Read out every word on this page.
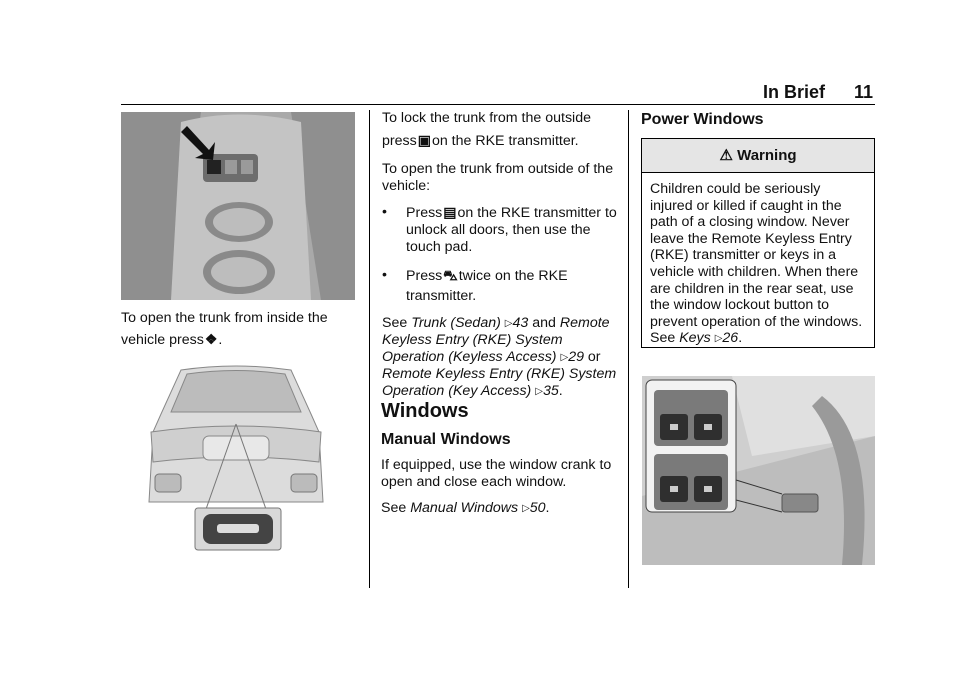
In Brief 11

To open the trunk from inside the

vehicle press❖.

To lock the trunk from the outside

press▣on the RKE transmitter.

To open the trunk from outside of the vehicle:

• Press▤on the RKE transmitter to unlock all doors, then use the touch pad.
• Press⛍twice on the RKE transmitter.

See Trunk (Sedan) ▷43 and Remote Keyless Entry (RKE) System Operation (Keyless Access) ▷29 or Remote Keyless Entry (RKE) System Operation (Key Access) ▷35.

Windows
Manual Windows

If equipped, use the window crank to open and close each window.

See Manual Windows ▷50.

Power Windows
⚠ Warning
Children could be seriously injured or killed if caught in the path of a closing window. Never leave the Remote Keyless Entry (RKE) transmitter or keys in a vehicle with children. When there are children in the rear seat, use the window lockout button to prevent operation of the windows. See Keys ▷26.
